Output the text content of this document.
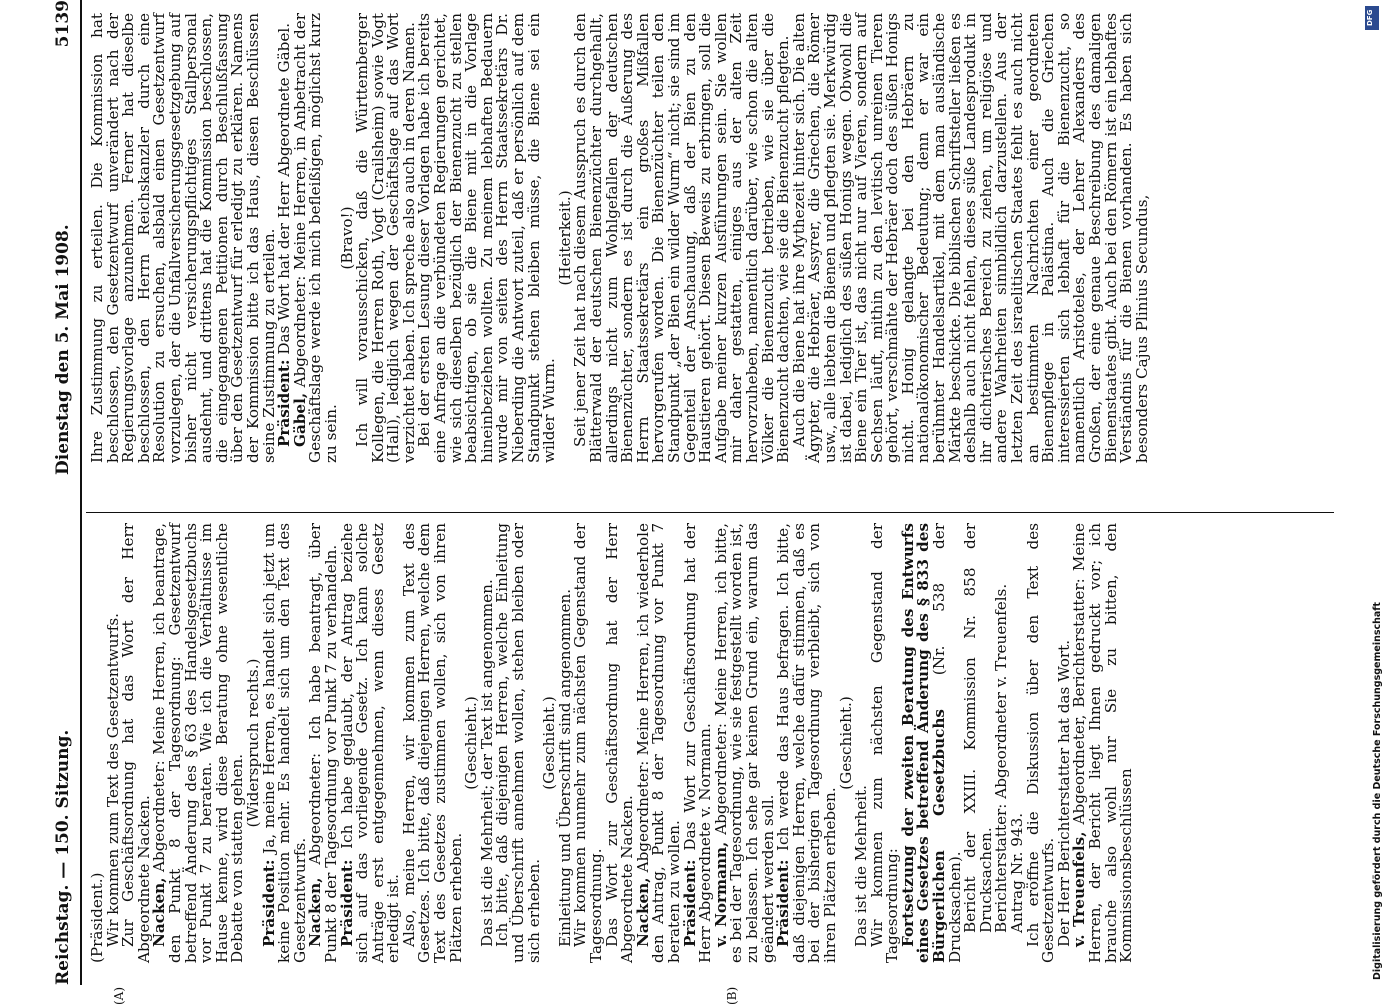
Reichstag. — 150. Sitzung.
Dienstag den 5. Mai 1908.
5139
(A)	(B)

(Präsident.)

Wir kommen zum Text des Gesetzentwurfs.

Zur Geschäftsordnung hat das Wort der Herr Abgeordnete Nacken.

Nacken, Abgeordneter: Meine Herren, ich beantrage, den Punkt 8 der Tagesordnung: Gesetzentwurf betreffend Änderung des § 63 des Handelsgesetzbuchs vor Punkt 7 zu beraten. Wie ich die Verhältnisse im Hause kenne, wird diese Beratung ohne wesentliche Debatte von statten gehen.

(Widerspruch rechts.)

Präsident: Ja, meine Herren, es handelt sich jetzt um keine Position mehr. Es handelt sich um den Text des Gesetzentwurfs.

Nacken, Abgeordneter: Ich habe beantragt, über Punkt 8 der Tagesordnung vor Punkt 7 zu verhandeln.

Präsident: Ich habe geglaubt, der Antrag beziehe sich auf das vorliegende Gesetz. Ich kann solche Anträge erst entgegennehmen, wenn dieses Gesetz erledigt ist.

Also, meine Herren, wir kommen zum Text des Gesetzes. Ich bitte, daß diejenigen Herren, welche dem Text des Gesetzes zustimmen wollen, sich von ihren Plätzen erheben.

(Geschieht.)

Das ist die Mehrheit; der Text ist angenommen.

Ich bitte, daß diejenigen Herren, welche Einleitung und Überschrift annehmen wollen, stehen bleiben oder sich erheben.

(Geschieht.)

Einleitung und Überschrift sind angenommen.

Wir kommen nunmehr zum nächsten Gegenstand der Tagesordnung.

Das Wort zur Geschäftsordnung hat der Herr Abgeordnete Nacken.

Nacken, Abgeordneter: Meine Herren, ich wiederhole den Antrag, Punkt 8 der Tagesordnung vor Punkt 7 beraten zu wollen.

Präsident: Das Wort zur Geschäftsordnung hat der Herr Abgeordnete v. Normann.

v. Normann, Abgeordneter: Meine Herren, ich bitte, es bei der Tagesordnung, wie sie festgestellt worden ist, zu belassen. Ich sehe gar keinen Grund ein, warum das geändert werden soll.

Präsident: Ich werde das Haus befragen. Ich bitte, daß diejenigen Herren, welche dafür stimmen, daß es bei der bisherigen Tagesordnung verbleibt, sich von ihren Plätzen erheben.

(Geschieht.)

Das ist die Mehrheit.

Wir kommen zum nächsten Gegenstand der Tagesordnung:

Fortsetzung der zweiten Beratung des Entwurfs eines Gesetzes betreffend Änderung des § 833 des Bürgerlichen Gesetzbuchs (Nr. 538 der Drucksachen).

Bericht der XXIII. Kommission Nr. 858 der Drucksachen.

Berichterstatter: Abgeordneter v. Treuenfels.

Antrag Nr. 943.

Ich eröffne die Diskussion über den Text des Gesetzentwurfs.

Der Herr Berichterstatter hat das Wort.

v. Treuenfels, Abgeordneter, Berichterstatter: Meine Herren, der Bericht liegt Ihnen gedruckt vor; ich brauche also wohl nur Sie zu bitten, den Kommissionsbeschlüssen

Ihre Zustimmung zu erteilen. Die Kommission hat beschlossen, den Gesetzentwurf unverändert nach der Regierungsvorlage anzunehmen. Ferner hat dieselbe beschlossen, den Herrn Reichskanzler durch eine Resolution zu ersuchen, alsbald einen Gesetzentwurf vorzulegen, der die Unfallversicherungsgesetzgebung auf bisher nicht versicherungspflichtiges Stallpersonal ausdehnt, und drittens hat die Kommission beschlossen, die eingegangenen Petitionen durch Beschlußfassung über den Gesetzentwurf für erledigt zu erklären. Namens der Kommission bitte ich das Haus, diesen Beschlüssen seine Zustimmung zu erteilen.

Präsident: Das Wort hat der Herr Abgeordnete Gäbel.

Gäbel, Abgeordneter: Meine Herren, in Anbetracht der Geschäftslage werde ich mich befleißigen, möglichst kurz zu sein.

(Bravo!)

Ich will vorausschicken, daß die Württemberger Kollegen, die Herren Roth, Vogt (Crailsheim) sowie Vogt (Hall), lediglich wegen der Geschäftslage auf das Wort verzichtet haben. Ich spreche also auch in deren Namen.

Bei der ersten Lesung dieser Vorlagen habe ich bereits eine Anfrage an die verbündeten Regierungen gerichtet, wie sich dieselben bezüglich der Bienenzucht zu stellen beabsichtigen, ob sie die Biene mit in die Vorlage hineinbeziehen wollten. Zu meinem lebhaften Bedauern wurde mir von seiten des Herrn Staatssekretärs Dr. Nieberding die Antwort zuteil, daß er persönlich auf dem Standpunkt stehen bleiben müsse, die Biene sei ein wilder Wurm.

(Heiterkeit.)

Seit jener Zeit hat nach diesem Ausspruch es durch den Blätterwald der deutschen Bienenzüchter durchgehallt, allerdings nicht zum Wohlgefallen der deutschen Bienenzüchter, sondern es ist durch die Äußerung des Herrn Staatssekretärs ein großes Mißfallen hervorgerufen worden. Die Bienenzüchter teilen den Standpunkt „der Bien ein wilder Wurm“ nicht; sie sind im Gegenteil der Anschauung, daß der Bien zu den Haustieren gehört. Diesen Beweis zu erbringen, soll die Aufgabe meiner kurzen Ausführungen sein. Sie wollen mir daher gestatten, einiges aus der alten Zeit hervorzuheben, namentlich darüber, wie schon die alten Völker die Bienenzucht betrieben, wie sie über die Bienenzucht dachten, wie sie die Bienenzucht pflegten.

Auch die Biene hat ihre Mythezeit hinter sich. Die alten Ägypter, die Hebräer, Assyrer, die Griechen, die Römer usw., alle liebten die Bienen und pflegten sie. Merkwürdig ist dabei, lediglich des süßen Honigs wegen. Obwohl die Biene ein Tier ist, das nicht nur auf Vieren, sondern auf Sechsen läuft, mithin zu den levitisch unreinen Tieren gehört, verschmähte der Hebräer doch des süßen Honigs nicht. Honig gelangte bei den Hebräern zu nationalökonomischer Bedeutung; denn er war ein berühmter Handelsartikel, mit dem man ausländische Märkte beschickte. Die biblischen Schriftsteller ließen es deshalb auch nicht fehlen, dieses süße Landesprodukt in ihr dichterisches Bereich zu ziehen, um religiöse und andere Wahrheiten sinnbildlich darzustellen. Aus der letzten Zeit des israelitischen Staates fehlt es auch nicht an bestimmten Nachrichten einer geordneten Bienenpflege in Palästina. Auch die Griechen interessierten sich lebhaft für die Bienenzucht, so namentlich Aristoteles, der Lehrer Alexanders des Großen, der eine genaue Beschreibung des damaligen Bienenstaates gibt. Auch bei den Römern ist ein lebhaftes Verständnis für die Bienen vorhanden. Es haben sich besonders Cajus Plinius Secundus,

Digitalisierung gefördert durch die Deutsche Forschungsgemeinschaft
DFG
